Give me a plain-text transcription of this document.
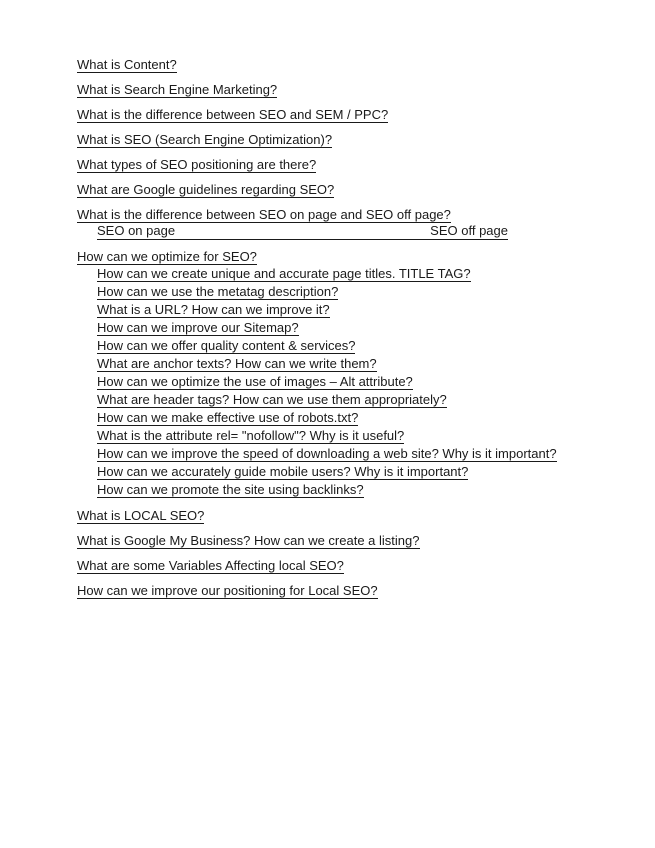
What is Content?
What is Search Engine Marketing?
What is the difference between SEO and SEM / PPC?
What is SEO (Search Engine Optimization)?
What types of SEO positioning are there?
What are Google guidelines regarding SEO?
What is the difference between SEO on page and SEO off page?
SEO on page	SEO off page
How can we optimize for SEO?
How can we create unique and accurate page titles. TITLE TAG?
How can we use the metatag description?
What is a URL? How can we improve it?
How can we improve our Sitemap?
How can we offer quality content & services?
What are anchor texts? How can we write them?
How can we optimize the use of images – Alt attribute?
What are header tags? How can we use them appropriately?
How can we make effective use of robots.txt?
What is the attribute rel= "nofollow"? Why is it useful?
How can we improve the speed of downloading a web site? Why is it important?
How can we accurately guide mobile users? Why is it important?
How can we promote the site using backlinks?
What is LOCAL SEO?
What is Google My Business? How can we create a listing?
What are some Variables Affecting local SEO?
How can we improve our positioning for Local SEO?
